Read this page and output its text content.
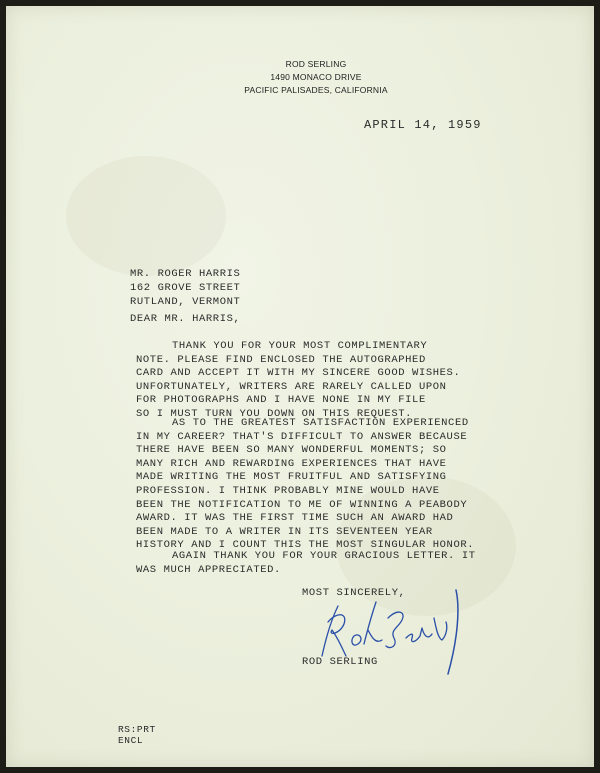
ROD SERLING
1490 MONACO DRIVE
PACIFIC PALISADES, CALIFORNIA
APRIL 14, 1959
MR. ROGER HARRIS
162 GROVE STREET
RUTLAND, VERMONT
DEAR MR. HARRIS,
THANK YOU FOR YOUR MOST COMPLIMENTARY
NOTE. PLEASE FIND ENCLOSED THE AUTOGRAPHED
CARD AND ACCEPT IT WITH MY SINCERE GOOD WISHES.
UNFORTUNATELY, WRITERS ARE RARELY CALLED UPON
FOR PHOTOGRAPHS AND I HAVE NONE IN MY FILE
SO I MUST TURN YOU DOWN ON THIS REQUEST.
AS TO THE GREATEST SATISFACTION EXPERIENCED
IN MY CAREER? THAT'S DIFFICULT TO ANSWER BECAUSE
THERE HAVE BEEN SO MANY WONDERFUL MOMENTS; SO
MANY RICH AND REWARDING EXPERIENCES THAT HAVE
MADE WRITING THE MOST FRUITFUL AND SATISFYING
PROFESSION. I THINK PROBABLY MINE WOULD HAVE
BEEN THE NOTIFICATION TO ME OF WINNING A PEABODY
AWARD. IT WAS THE FIRST TIME SUCH AN AWARD HAD
BEEN MADE TO A WRITER IN ITS SEVENTEEN YEAR
HISTORY AND I COUNT THIS THE MOST SINGULAR HONOR.
AGAIN THANK YOU FOR YOUR GRACIOUS LETTER. IT
WAS MUCH APPRECIATED.
MOST SINCERELY,
ROD SERLING
RS:PRT
ENCL
